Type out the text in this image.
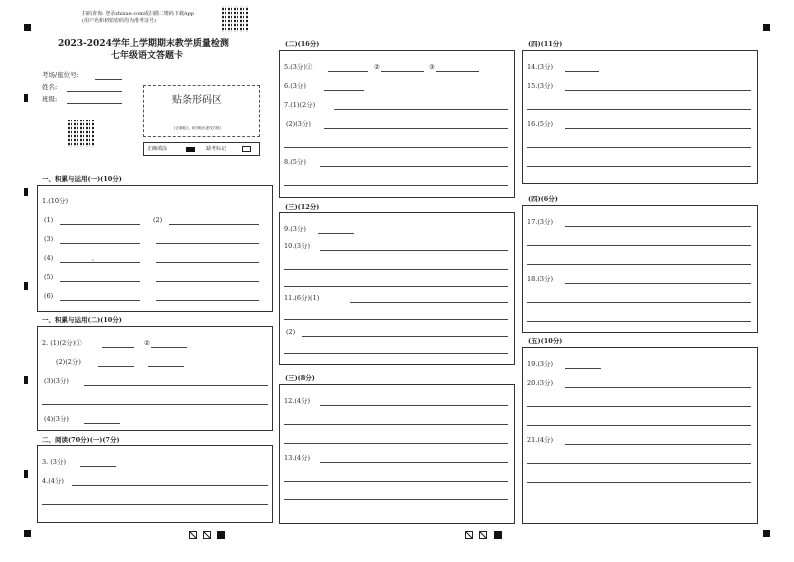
扫码查询: 登录zhixue.com或扫描二维码下载App
(用户名和初始密码均为准考证号)
2023-2024学年上学期期末教学质量检测
七年级语文答题卡
考场/座位号:
姓名:
班级:	贴条形码区
(正面朝上, 切勿贴出虚线方框)
正确填涂	缺考标记
一、积累与运用(一)(10分)
1.(10分)
(1)	(2)
(3)
(4)	,
(5)
(6)
一、积累与运用(二)(10分)
2. (1)(2分)①	②
(2)(2分)
(3)(3分)
(4)(3分)
二、阅读(70分)(一)(7分)
3. (3分)
4.(4分)
(二)(16分)
5.(3分)①	②	③
6.(3分)
7.(1)(2分)
(2)(3分)
8.(5分)
(三)(12分)
9.(3分)
10.(3分)
11.(6分)(1)
(2)
(三)(8分)
12.(4分)
13.(4分)
(四)(11分)
14.(3分)
15.(3分)
16.(5分)
(四)(6分)
17.(3分)
18.(3分)
(五)(10分)
19.(3分)
20.(3分)
21.(4分)
